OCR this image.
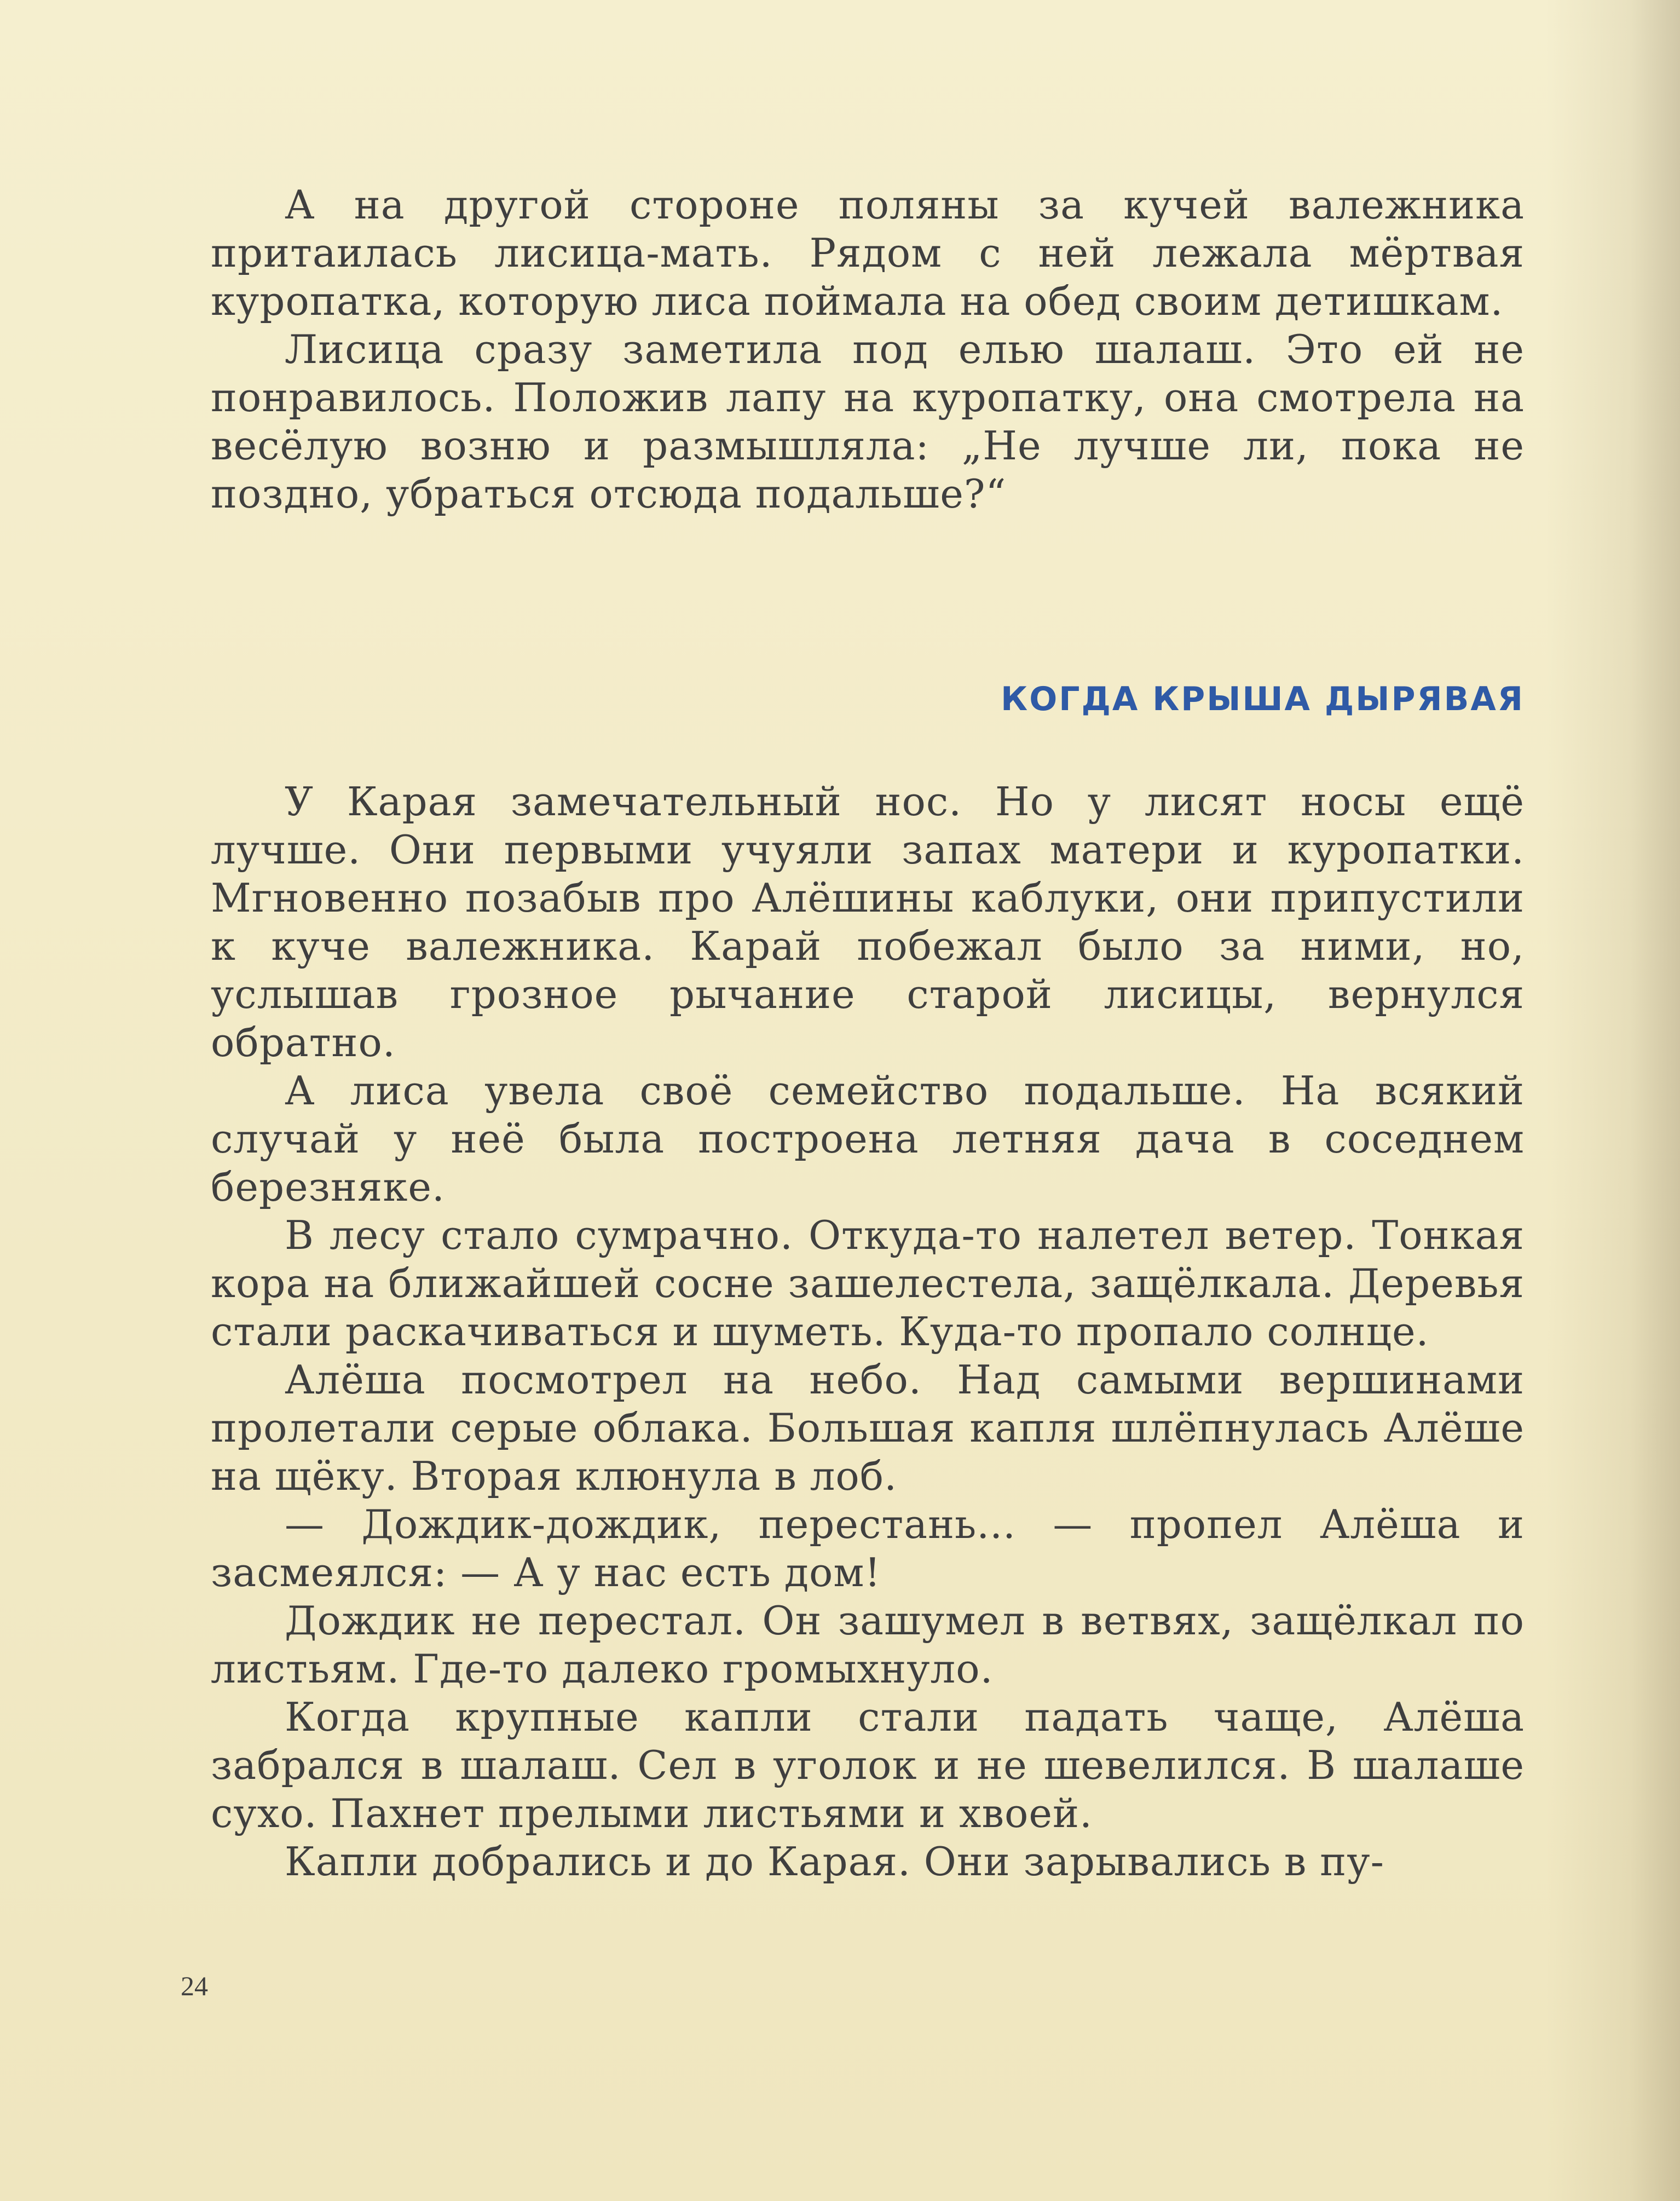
А на другой стороне поляны за кучей валежника притаилась лисица-мать. Рядом с ней лежала мёртвая куропатка, которую лиса поймала на обед своим детишкам.

Лисица сразу заметила под елью шалаш. Это ей не понравилось. Положив лапу на куропатку, она смотрела на весёлую возню и размышляла: „Не лучше ли, пока не поздно, убраться отсюда подальше?“

КОГДА КРЫША ДЫРЯВАЯ

У Карая замечательный нос. Но у лисят носы ещё лучше. Они первыми учуяли запах матери и куропатки. Мгновенно позабыв про Алёшины каблуки, они припустили к куче валежника. Карай побежал было за ними, но, услышав грозное рычание старой лисицы, вернулся обратно.

А лиса увела своё семейство подальше. На всякий случай у неё была построена летняя дача в соседнем березняке.

В лесу стало сумрачно. Откуда-то налетел ветер. Тонкая кора на ближайшей сосне зашелестела, защёлкала. Деревья стали раскачиваться и шуметь. Куда-то пропало солнце.

Алёша посмотрел на небо. Над самыми вершинами пролетали серые облака. Большая капля шлёпнулась Алёше на щёку. Вторая клюнула в лоб.

— Дождик-дождик, перестань... — пропел Алёша и засмеялся: — А у нас есть дом!

Дождик не перестал. Он зашумел в ветвях, защёлкал по листьям. Где-то далеко громыхнуло.

Когда крупные капли стали падать чаще, Алёша забрался в шалаш. Сел в уголок и не шевелился. В шалаше сухо. Пахнет прелыми листьями и хвоей.

Капли добрались и до Карая. Они зарывались в пу-

24
